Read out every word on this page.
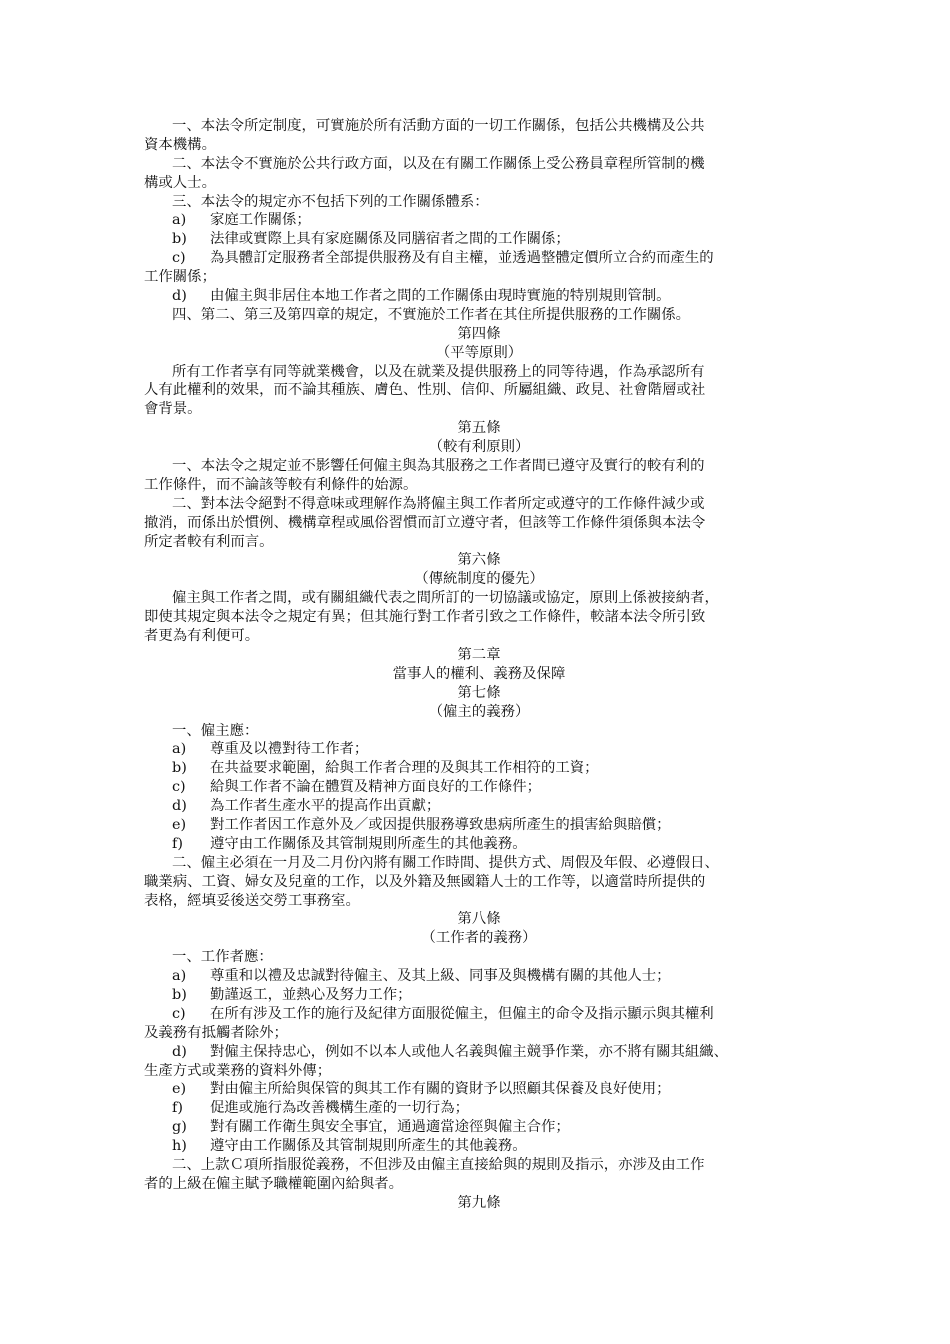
一、本法令所定制度，可實施於所有活動方面的一切工作關係，包括公共機構及公共
資本機構。
二、本法令不實施於公共行政方面，以及在有關工作關係上受公務員章程所管制的機
構或人士。
三、本法令的規定亦不包括下列的工作關係體系：
a) 家庭工作關係；
b) 法律或實際上具有家庭關係及同膳宿者之間的工作關係；
c) 為具體訂定服務者全部提供服務及有自主權，並透過整體定價所立合約而產生的
工作關係；
d) 由僱主與非居住本地工作者之間的工作關係由現時實施的特別規則管制。
四、第二、第三及第四章的規定，不實施於工作者在其住所提供服務的工作關係。
第四條
（平等原則）
所有工作者享有同等就業機會，以及在就業及提供服務上的同等待遇，作為承認所有
人有此權利的效果，而不論其種族、膚色、性別、信仰、所屬組織、政見、社會階層或社
會背景。
第五條
（較有利原則）
一、本法令之規定並不影響任何僱主與為其服務之工作者間已遵守及實行的較有利的
工作條件，而不論該等較有利條件的始源。
二、對本法令絕對不得意味或理解作為將僱主與工作者所定或遵守的工作條件減少或
撤消，而係出於慣例、機構章程或風俗習慣而訂立遵守者，但該等工作條件須係與本法令
所定者較有利而言。
第六條
（傳統制度的優先）
僱主與工作者之間，或有關組織代表之間所訂的一切協議或協定，原則上係被接納者，
即使其規定與本法令之規定有異；但其施行對工作者引致之工作條件，較諸本法令所引致
者更為有利便可。
第二章
當事人的權利、義務及保障
第七條
（僱主的義務）
一、僱主應：
a) 尊重及以禮對待工作者；
b) 在共益要求範圍，給與工作者合理的及與其工作相符的工資；
c) 給與工作者不論在體質及精神方面良好的工作條件；
d) 為工作者生產水平的提高作出貢獻；
e) 對工作者因工作意外及／或因提供服務導致患病所產生的損害給與賠償；
f) 遵守由工作關係及其管制規則所產生的其他義務。
二、僱主必須在一月及二月份內將有關工作時間、提供方式、周假及年假、必遵假日、
職業病、工資、婦女及兒童的工作，以及外籍及無國籍人士的工作等，以適當時所提供的
表格，經填妥後送交勞工事務室。
第八條
（工作者的義務）
一、工作者應：
a) 尊重和以禮及忠誠對待僱主、及其上級、同事及與機構有關的其他人士；
b) 勤謹返工，並熱心及努力工作；
c) 在所有涉及工作的施行及紀律方面服從僱主，但僱主的命令及指示顯示與其權利
及義務有抵觸者除外；
d) 對僱主保持忠心，例如不以本人或他人名義與僱主競爭作業，亦不將有關其組織、
生產方式或業務的資料外傳；
e) 對由僱主所給與保管的與其工作有關的資財予以照顧其保養及良好使用；
f) 促進或施行為改善機構生產的一切行為；
g) 對有關工作衛生與安全事宜，通過適當途徑與僱主合作；
h) 遵守由工作關係及其管制規則所產生的其他義務。
二、上款Ｃ項所指服從義務，不但涉及由僱主直接給與的規則及指示，亦涉及由工作
者的上級在僱主賦予職權範圍內給與者。
第九條
